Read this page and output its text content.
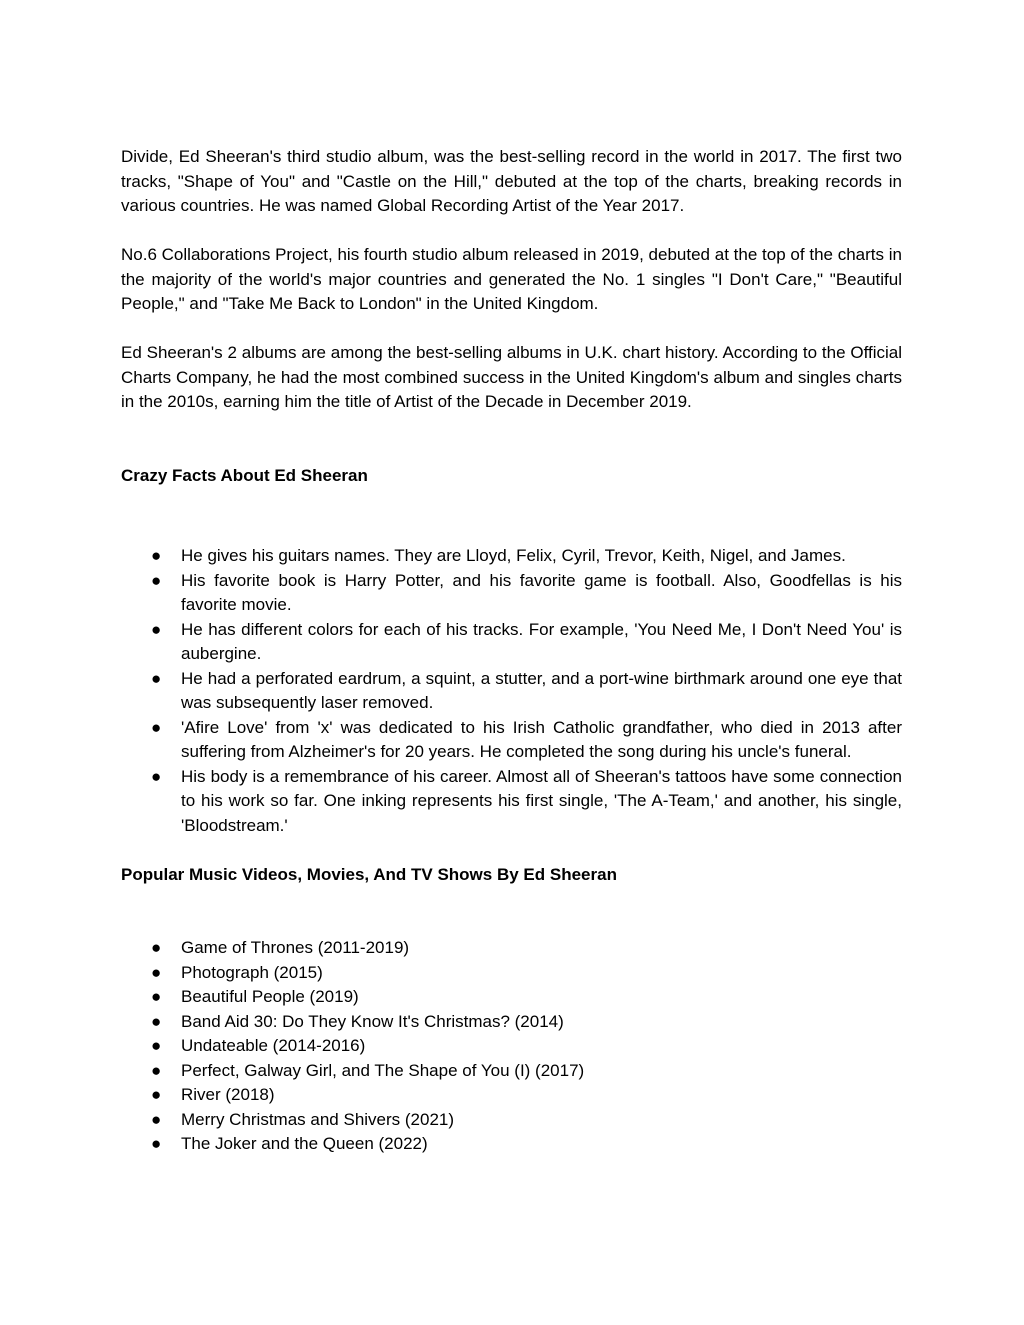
Divide, Ed Sheeran's third studio album, was the best-selling record in the world in 2017. The first two tracks, "Shape of You" and "Castle on the Hill," debuted at the top of the charts, breaking records in various countries. He was named Global Recording Artist of the Year 2017.

No.6 Collaborations Project, his fourth studio album released in 2019, debuted at the top of the charts in the majority of the world's major countries and generated the No. 1 singles "I Don't Care," "Beautiful People," and "Take Me Back to London" in the United Kingdom.

Ed Sheeran's 2 albums are among the best-selling albums in U.K. chart history. According to the Official Charts Company, he had the most combined success in the United Kingdom's album and singles charts in the 2010s, earning him the title of Artist of the Decade in December 2019.

Crazy Facts About Ed Sheeran

● He gives his guitars names. They are Lloyd, Felix, Cyril, Trevor, Keith, Nigel, and James.
● His favorite book is Harry Potter, and his favorite game is football. Also, Goodfellas is his favorite movie.
● He has different colors for each of his tracks. For example, 'You Need Me, I Don't Need You' is aubergine.
● He had a perforated eardrum, a squint, a stutter, and a port-wine birthmark around one eye that was subsequently laser removed.
● 'Afire Love' from 'x' was dedicated to his Irish Catholic grandfather, who died in 2013 after suffering from Alzheimer's for 20 years. He completed the song during his uncle's funeral.
● His body is a remembrance of his career. Almost all of Sheeran's tattoos have some connection to his work so far. One inking represents his first single, 'The A-Team,' and another, his single, 'Bloodstream.'

Popular Music Videos, Movies, And TV Shows By Ed Sheeran

● Game of Thrones (2011-2019)
● Photograph (2015)
● Beautiful People (2019)
● Band Aid 30: Do They Know It's Christmas? (2014)
● Undateable (2014-2016)
● Perfect, Galway Girl, and The Shape of You (I) (2017)
● River (2018)
● Merry Christmas and Shivers (2021)
● The Joker and the Queen (2022)
